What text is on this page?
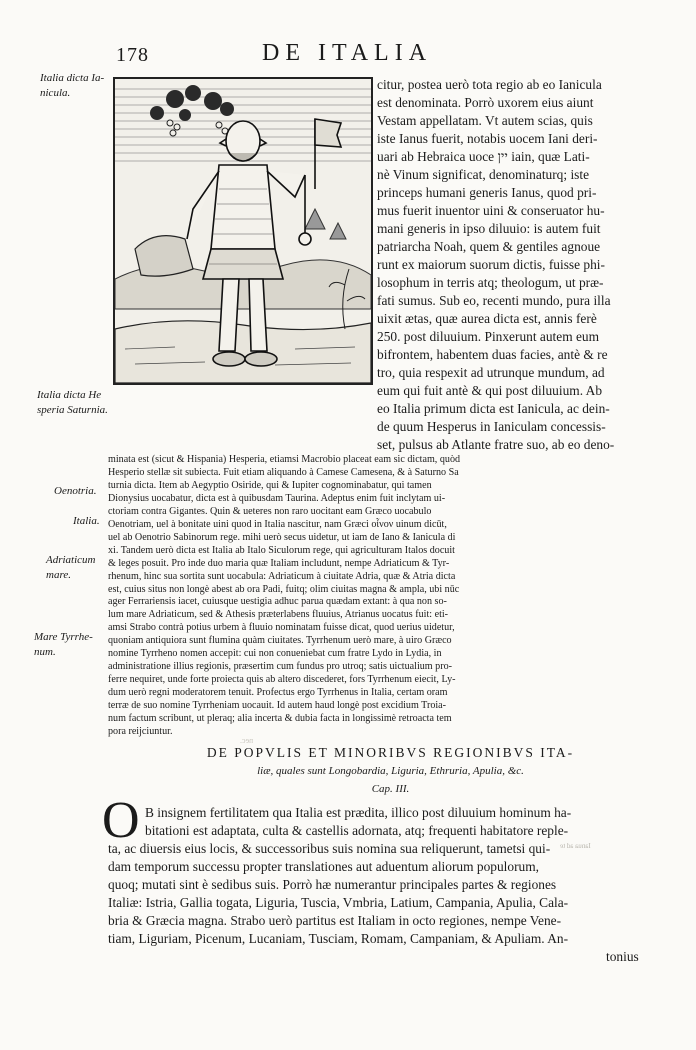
178	DE ITALIA
Italia dicta Ia-
nicula.
Italia dicta He
speria Saturnia.
Oenotria.
Italia.
Adriaticum
mare.
Mare Tyrrhe-
num.
citur, postea uerò tota regio ab eo Ianicula
est denominata. Porrò uxorem eius aiunt
Vestam appellatam. Vt autem scias, quis
iste Ianus fuerit, notabis uocem Iani deri-
uari ab Hebraica uoce יין iain, quæ Lati-
nè Vinum significat, denominaturq; iste
princeps humani generis Ianus, quod pri-
mus fuerit inuentor uini & conseruator hu-
mani generis in ipso diluuio: is autem fuit
patriarcha Noah, quem & gentiles agnoue
runt ex maiorum suorum dictis, fuisse phi-
losophum in terris atq; theologum, ut præ-
fati sumus. Sub eo, recenti mundo, pura illa
uixit ætas, quæ aurea dicta est, annis ferè
250. post diluuium. Pinxerunt autem eum
bifrontem, habentem duas facies, antè & re
tro, quia respexit ad utrunque mundum, ad
eum qui fuit antè & qui post diluuium. Ab
eo Italia primum dicta est Ianicula, ac dein-
de quum Hesperus in Ianiculam concessis-
set, pulsus ab Atlante fratre suo, ab eo deno-
minata est (sicut & Hispania) Hesperia, etiamsi Macrobio placeat eam sic dictam, quòd
Hesperio stellæ sit subiecta. Fuit etiam aliquando à Camese Camesena, & à Saturno Sa
turnia dicta. Item ab Aegyptio Osiride, qui & Iupiter cognominabatur, qui tamen
Dionysius uocabatur, dicta est à quibusdam Taurina. Adeptus enim fuit inclytam ui-
ctoriam contra Gigantes. Quin & ueteres non raro uocitant eam Græco uocabulo
Oenotriam, uel à bonitate uini quod in Italia nascitur, nam Græci οἶνον uinum dicūt,
uel ab Oenotrio Sabinorum rege. mihi uerò secus uidetur, ut iam de Iano & Ianicula di
xi. Tandem uerò dicta est Italia ab Italo Siculorum rege, qui agriculturam Italos docuit
& leges posuit. Pro inde duo maria quæ Italiam includunt, nempe Adriaticum & Tyr-
rhenum, hinc sua sortita sunt uocabula: Adriaticum à ciuitate Adria, quæ & Atria dicta
est, cuius situs non longè abest ab ora Padi, fuitq; olim ciuitas magna & ampla, ubi nūc
ager Ferrariensis iacet, cuiusque uestigia adhuc parua quædam extant: à qua non so-
lum mare Adriaticum, sed & Athesis præterlabens fluuius, Atrianus uocatus fuit: eti-
amsi Strabo contrà potius urbem à fluuio nominatam fuisse dicat, quod uerius uidetur,
quoniam antiquiora sunt flumina quàm ciuitates. Tyrrhenum uerò mare, à uiro Græco
nomine Tyrrheno nomen accepit: cui non conueniebat cum fratre Lydo in Lydia, in
administratione illius regionis, præsertim cum fundus pro utroq; satis uictualium pro-
ferre nequiret, unde forte proiecta quis ab altero discederet, fors Tyrrhenum eiecit, Ly-
dum uerò regni moderatorem tenuit. Profectus ergo Tyrrhenus in Italia, certam oram
terræ de suo nomine Tyrrheniam uocauit. Id autem haud longè post excidium Troia-
num factum scribunt, ut pleraq; alia incerta & dubia facta in longissimè retroacta tem
pora reijciuntur.
nec.
DE POPVLIS ET MINORIBVS REGIONIBVS ITA-
liæ, quales sunt Longobardia, Liguria, Ethruria, Apulia, &c.
Cap. III.
O B insignem fertilitatem qua Italia est prædita, illico post diluuium hominum ha-
bitationi est adaptata, culta & castellis adornata, atq; frequenti habitatore reple-
ta, ac diuersis eius locis, & successoribus suis nomina sua reliquerunt, tametsi qui-
dam temporum successu propter translationes aut aduentum aliorum populorum,
quoq; mutati sint è sedibus suis. Porrò hæ numerantur principales partes & regiones
Italiæ: Istria, Gallia togata, Liguria, Tuscia, Vmbria, Latium, Campania, Apulia, Cala-
bria & Græcia magna. Strabo uerò partitus est Italiam in octo regiones, nempe Vene-
tiam, Liguriam, Picenum, Lucaniam, Tusciam, Romam, Campaniam, & Apuliam. An-
tonius
Ianua ad te
